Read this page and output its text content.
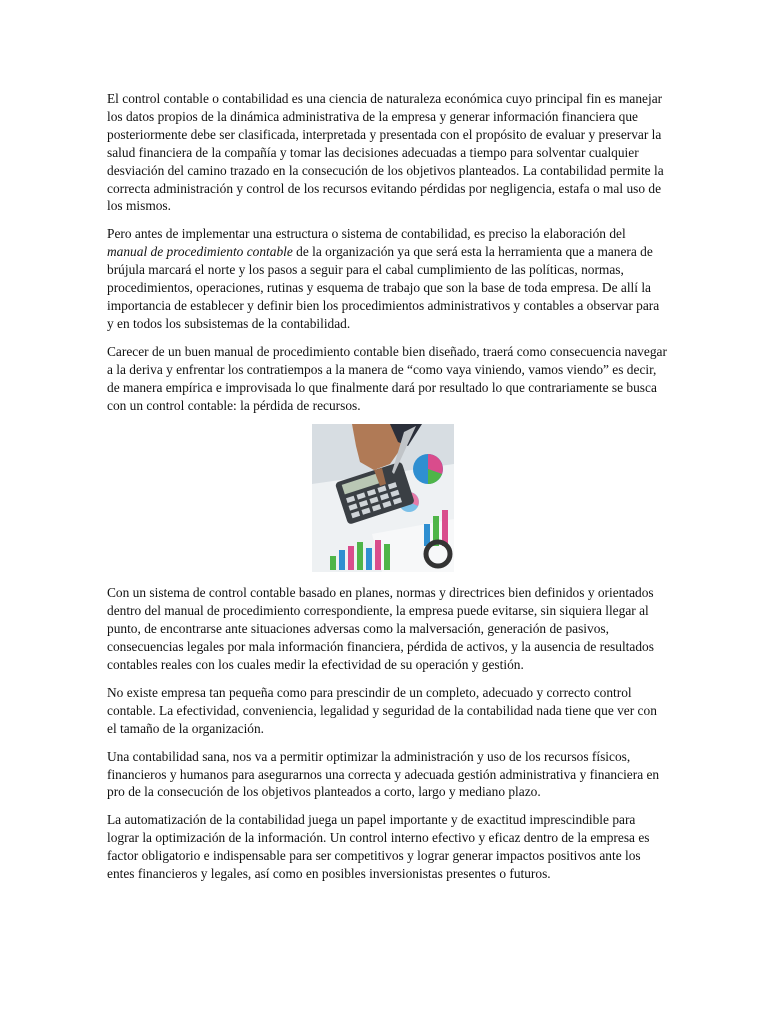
El control contable o contabilidad es una ciencia de naturaleza económica cuyo principal fin es manejar los datos propios de la dinámica administrativa de la empresa y generar información financiera que posteriormente debe ser clasificada, interpretada y presentada con el propósito de evaluar y preservar la salud financiera de la compañía y tomar las decisiones adecuadas a tiempo para solventar cualquier desviación del camino trazado en la consecución de los objetivos planteados. La contabilidad permite la correcta administración y control de los recursos evitando pérdidas por negligencia, estafa o mal uso de los mismos.

Pero antes de implementar una estructura o sistema de contabilidad, es preciso la elaboración del manual de procedimiento contable de la organización ya que será esta la herramienta que a manera de brújula marcará el norte y los pasos a seguir para el cabal cumplimiento de las políticas, normas, procedimientos, operaciones, rutinas y esquema de trabajo que son la base de toda empresa. De allí la importancia de establecer y definir bien los procedimientos administrativos y contables a observar para y en todos los subsistemas de la contabilidad.

Carecer de un buen manual de procedimiento contable bien diseñado, traerá como consecuencia navegar a la deriva y enfrentar los contratiempos a la manera de “como vaya viniendo, vamos viendo” es decir, de manera empírica e improvisada lo que finalmente dará por resultado lo que contrariamente se busca con un control contable: la pérdida de recursos.

Con un sistema de control contable basado en planes, normas y directrices bien definidos y orientados dentro del manual de procedimiento correspondiente, la empresa puede evitarse, sin siquiera llegar al punto, de encontrarse ante situaciones adversas como la malversación, generación de pasivos, consecuencias legales por mala información financiera, pérdida de activos, y la ausencia de resultados contables reales con los cuales medir la efectividad de su operación y gestión.

No existe empresa tan pequeña como para prescindir de un completo, adecuado y correcto control contable. La efectividad, conveniencia, legalidad y seguridad de la contabilidad nada tiene que ver con el tamaño de la organización.

Una contabilidad sana, nos va a permitir optimizar la administración y uso de los recursos físicos, financieros y humanos para asegurarnos una correcta y adecuada gestión administrativa y financiera en pro de la consecución de los objetivos planteados a corto, largo y mediano plazo.

La automatización de la contabilidad juega un papel importante y de exactitud imprescindible para lograr la optimización de la información. Un control interno efectivo y eficaz dentro de la empresa es factor obligatorio e indispensable para ser competitivos y lograr generar impactos positivos ante los entes financieros y legales, así como en posibles inversionistas presentes o futuros.
